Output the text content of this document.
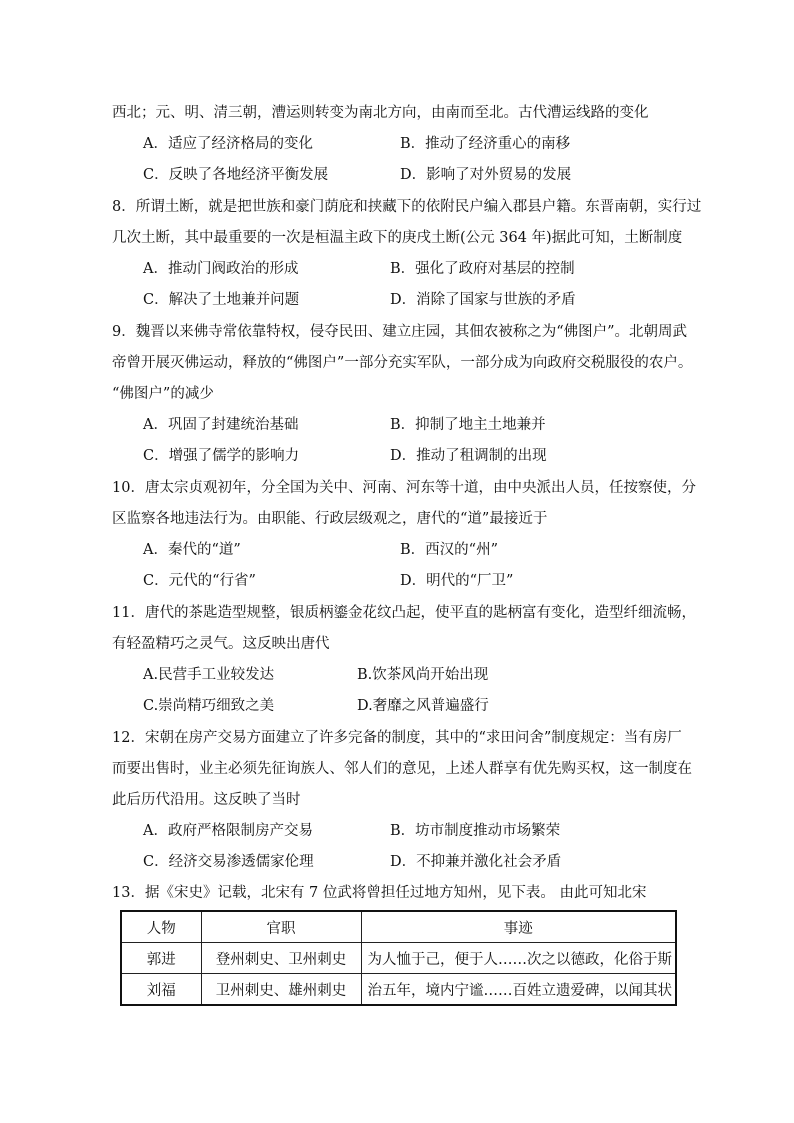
西北；元、明、清三朝，漕运则转变为南北方向，由南而至北。古代漕运线路的变化
A．适应了经济格局的变化	B．推动了经济重心的南移
C．反映了各地经济平衡发展	D．影响了对外贸易的发展
8．所谓土断，就是把世族和豪门荫庇和挟藏下的依附民户编入郡县户籍。东晋南朝，实行过
几次土断，其中最重要的一次是桓温主政下的庚戌土断(公元 364 年)据此可知，土断制度
A．推动门阀政治的形成	B．强化了政府对基层的控制
C．解决了土地兼并问题	D．消除了国家与世族的矛盾
9．魏晋以来佛寺常依靠特权，侵夺民田、建立庄园，其佃农被称之为“佛图户”。北朝周武
帝曾开展灭佛运动，释放的“佛图户”一部分充实军队，一部分成为向政府交税服役的农户。
“佛图户”的减少
A．巩固了封建统治基础	B．抑制了地主土地兼并
C．增强了儒学的影响力	D．推动了租调制的出现
10．唐太宗贞观初年，分全国为关中、河南、河东等十道，由中央派出人员，任按察使，分
区监察各地违法行为。由职能、行政层级观之，唐代的“道”最接近于
A．秦代的“道”	B．西汉的“州”
C．元代的“行省”	D．明代的“厂卫”
11．唐代的茶匙造型规整，银质柄鎏金花纹凸起，使平直的匙柄富有变化，造型纤细流畅，
有轻盈精巧之灵气。这反映出唐代
A.民营手工业较发达	B.饮茶风尚开始出现
C.崇尚精巧细致之美	D.奢靡之风普遍盛行
12．宋朝在房产交易方面建立了许多完备的制度，其中的“求田问舍”制度规定：当有房厂
而要出售时，业主必须先征询族人、邻人们的意见，上述人群享有优先购买权，这一制度在
此后历代沿用。这反映了当时
A．政府严格限制房产交易	B．坊市制度推动市场繁荣
C．经济交易渗透儒家伦理	D．不抑兼并激化社会矛盾
13．据《宋史》记载，北宋有 7 位武将曾担任过地方知州，见下表。 由此可知北宋
人物	官职	事迹
郭进	登州刺史、卫州刺史	为人恤于己，便于人……次之以德政，化俗于斯
刘福	卫州刺史、雄州刺史	治五年，境内宁谧……百姓立遗爱碑，以闻其状
